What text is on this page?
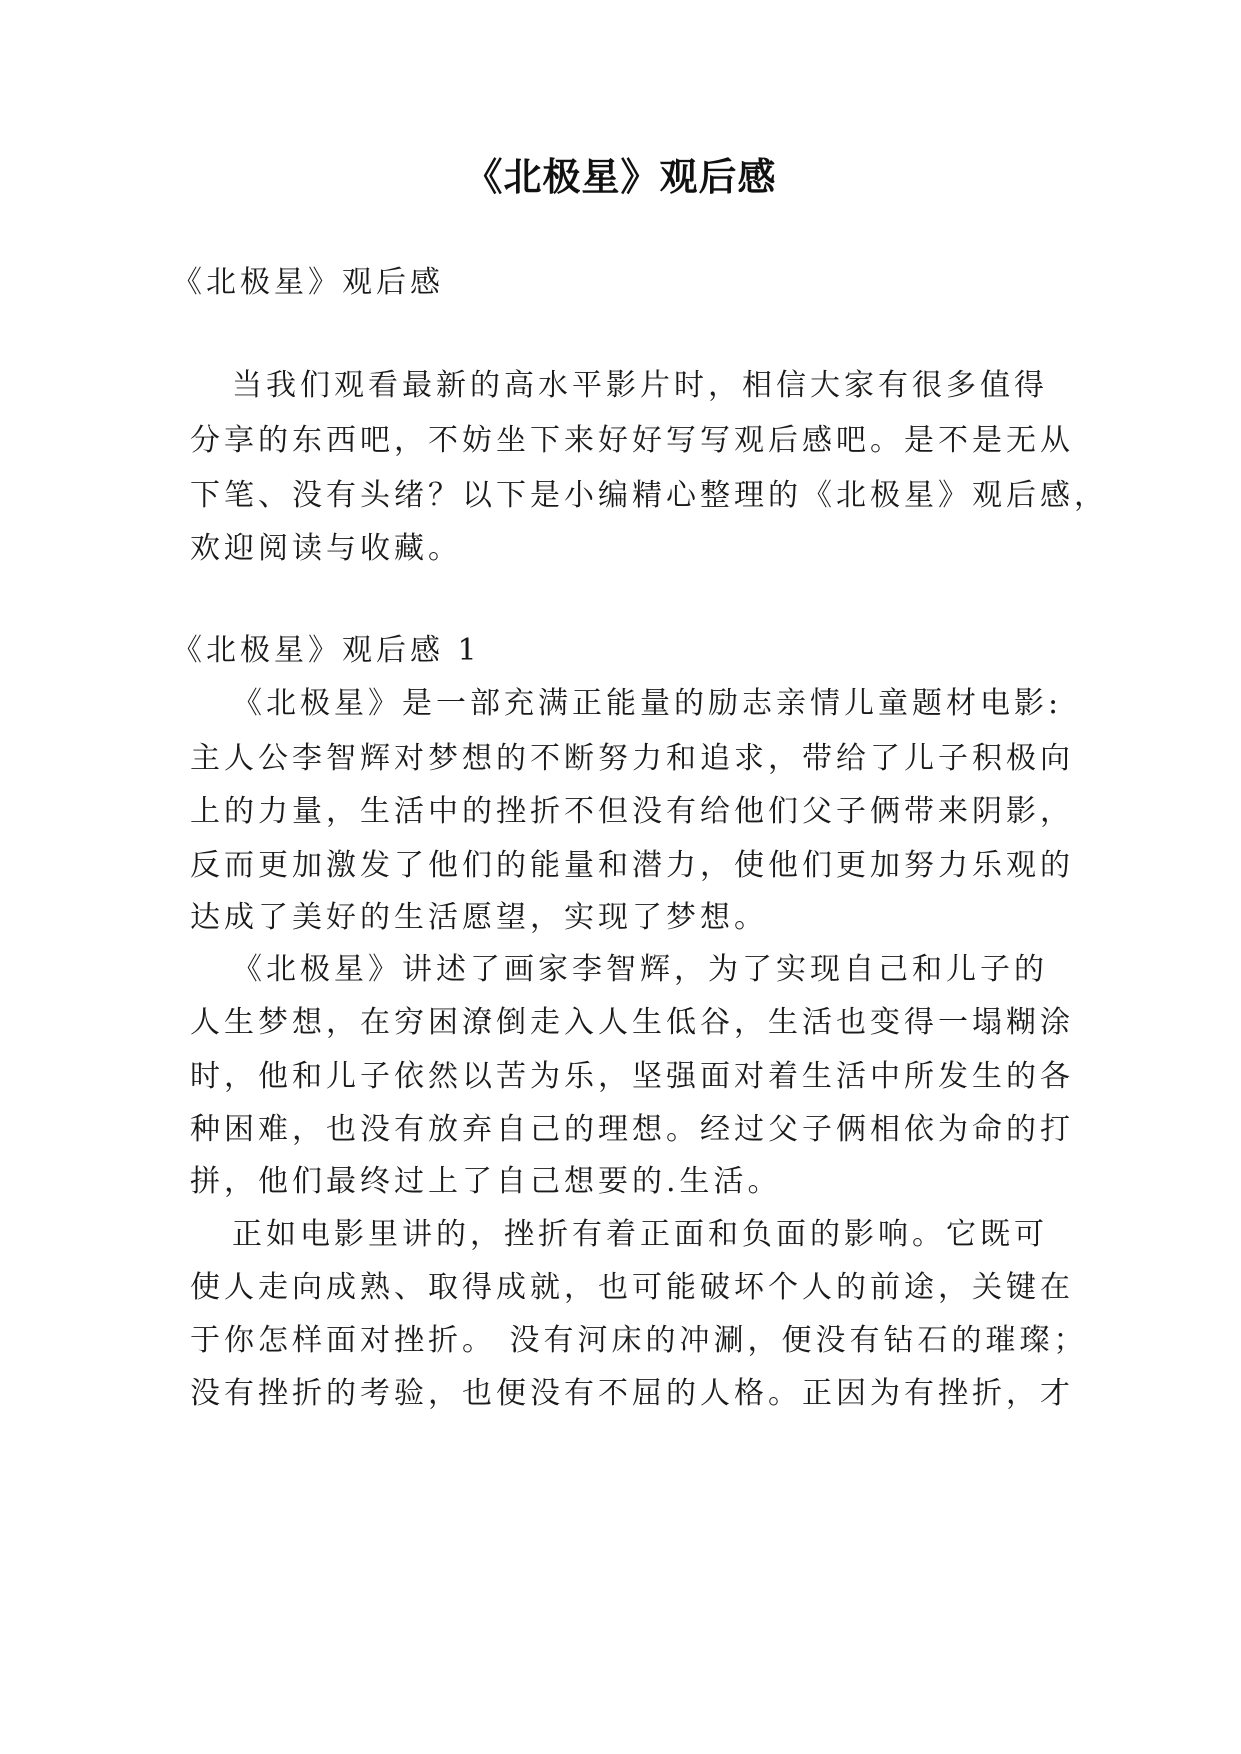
《北极星》观后感
《北极星》观后感
当我们观看最新的高水平影片时，相信大家有很多值得
分享的东西吧，不妨坐下来好好写写观后感吧。是不是无从
下笔、没有头绪？以下是小编精心整理的《北极星》观后感，
欢迎阅读与收藏。
《北极星》观后感 1
《北极星》是一部充满正能量的励志亲情儿童题材电影:
主人公李智辉对梦想的不断努力和追求，带给了儿子积极向
上的力量，生活中的挫折不但没有给他们父子俩带来阴影，
反而更加激发了他们的能量和潜力，使他们更加努力乐观的
达成了美好的生活愿望，实现了梦想。
《北极星》讲述了画家李智辉，为了实现自己和儿子的
人生梦想，在穷困潦倒走入人生低谷，生活也变得一塌糊涂
时，他和儿子依然以苦为乐，坚强面对着生活中所发生的各
种困难，也没有放弃自己的理想。经过父子俩相依为命的打
拼，他们最终过上了自己想要的.生活。
正如电影里讲的，挫折有着正面和负面的影响。它既可
使人走向成熟、取得成就，也可能破坏个人的前途，关键在
于你怎样面对挫折。 没有河床的冲涮，便没有钻石的璀璨；
没有挫折的考验，也便没有不屈的人格。正因为有挫折，才
